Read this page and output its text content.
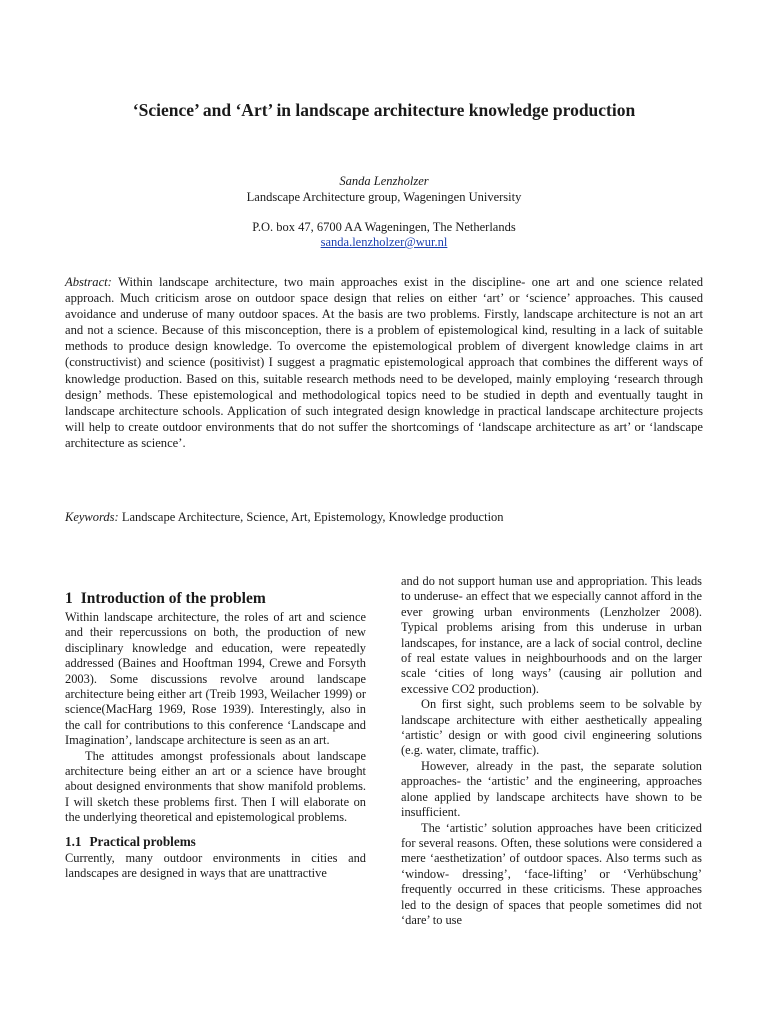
‘Science’ and ‘Art’ in landscape architecture knowledge production
Sanda Lenzholzer
Landscape Architecture group, Wageningen University
P.O. box 47, 6700 AA Wageningen, The Netherlands
sanda.lenzholzer@wur.nl
Abstract: Within landscape architecture, two main approaches exist in the discipline- one art and one science related approach. Much criticism arose on outdoor space design that relies on either ‘art’ or ‘science’ approaches. This caused avoidance and underuse of many outdoor spaces. At the basis are two problems. Firstly, landscape architecture is not an art and not a science. Because of this misconception, there is a problem of epistemological kind, resulting in a lack of suitable methods to produce design knowledge. To overcome the epistemological problem of divergent knowledge claims in art (constructivist) and science (positivist) I suggest a pragmatic epistemological approach that combines the different ways of knowledge production. Based on this, suitable research methods need to be developed, mainly employing ‘research through design’ methods. These epistemological and methodological topics need to be studied in depth and eventually taught in landscape architecture schools. Application of such integrated design knowledge in practical landscape architecture projects will help to create outdoor environments that do not suffer the shortcomings of ‘landscape architecture as art’ or ‘landscape architecture as science’.
Keywords: Landscape Architecture, Science, Art, Epistemology, Knowledge production
1 Introduction of the problem

Within landscape architecture, the roles of art and science and their repercussions on both, the production of new disciplinary knowledge and education, were repeatedly addressed (Baines and Hooftman 1994, Crewe and Forsyth 2003). Some discussions revolve around landscape architecture being either art (Treib 1993, Weilacher 1999) or science(MacHarg 1969, Rose 1939). Interestingly, also in the call for contributions to this conference ‘Landscape and Imagination’, landscape architecture is seen as an art.

The attitudes amongst professionals about landscape architecture being either an art or a science have brought about designed environments that show manifold problems. I will sketch these problems first. Then I will elaborate on the underlying theoretical and epistemological problems.

1.1 Practical problems

Currently, many outdoor environments in cities and landscapes are designed in ways that are unattractive

and do not support human use and appropriation. This leads to underuse- an effect that we especially cannot afford in the ever growing urban environments (Lenzholzer 2008). Typical problems arising from this underuse in urban landscapes, for instance, are a lack of social control, decline of real estate values in neighbourhoods and on the larger scale ‘cities of long ways’ (causing air pollution and excessive CO2 production).

On first sight, such problems seem to be solvable by landscape architecture with either aesthetically appealing ‘artistic’ design or with good civil engineering solutions (e.g. water, climate, traffic).

However, already in the past, the separate solution approaches- the ‘artistic’ and the engineering, approaches alone applied by landscape architects have shown to be insufficient.

The ‘artistic’ solution approaches have been criticized for several reasons. Often, these solutions were considered a mere ‘aesthetization’ of outdoor spaces. Also terms such as ‘window- dressing’, ‘face-lifting’ or ‘Verhübschung’ frequently occurred in these criticisms. These approaches led to the design of spaces that people sometimes did not ‘dare’ to use
